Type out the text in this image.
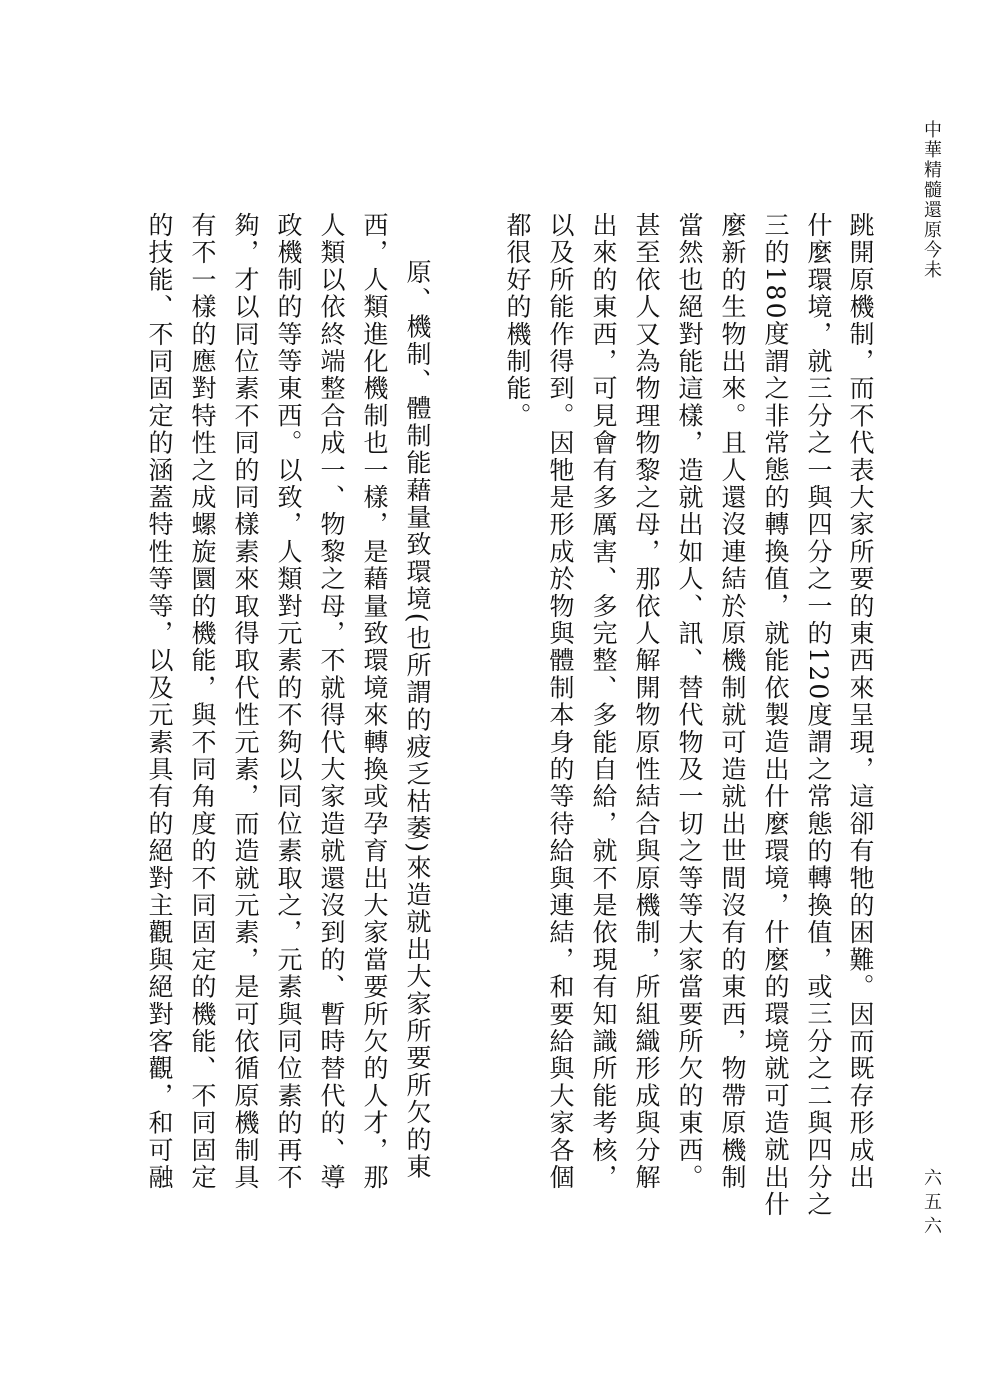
中華精髓還原今未
六五六
跳開原機制，而不代表大家所要的東西來呈現，這卻有牠的困難。因而既存形成出
什麼環境，就三分之一與四分之一的120度謂之常態的轉換值，或三分之二與四分之
三的180度謂之非常態的轉換值，就能依製造出什麼環境，什麼的環境就可造就出什
麼新的生物出來。且人還沒連結於原機制就可造就出世間沒有的東西，物帶原機制
當然也絕對能這樣，造就出如人、訊、替代物及一切之等等大家當要所欠的東西。
甚至依人又為物理物黎之母，那依人解開物原性結合與原機制，所組織形成與分解
出來的東西，可見會有多厲害、多完整、多能自給，就不是依現有知識所能考核，
以及所能作得到。因牠是形成於物與體制本身的等待給與連結，和要給與大家各個
都很好的機制能。
　原、機制、體制能藉量致環境(也所謂的疲乏枯萎)來造就出大家所要所欠的東
西，人類進化機制也一樣，是藉量致環境來轉換或孕育出大家當要所欠的人才，那
人類以依終端整合成一、物黎之母，不就得代大家造就還沒到的、暫時替代的、導
政機制的等等東西。以致，人類對元素的不夠以同位素取之，元素與同位素的再不
夠，才以同位素不同的同樣素來取得取代性元素，而造就元素，是可依循原機制具
有不一樣的應對特性之成螺旋圜的機能，與不同角度的不同固定的機能、不同固定
的技能、不同固定的涵蓋特性等等，以及元素具有的絕對主觀與絕對客觀，和可融
